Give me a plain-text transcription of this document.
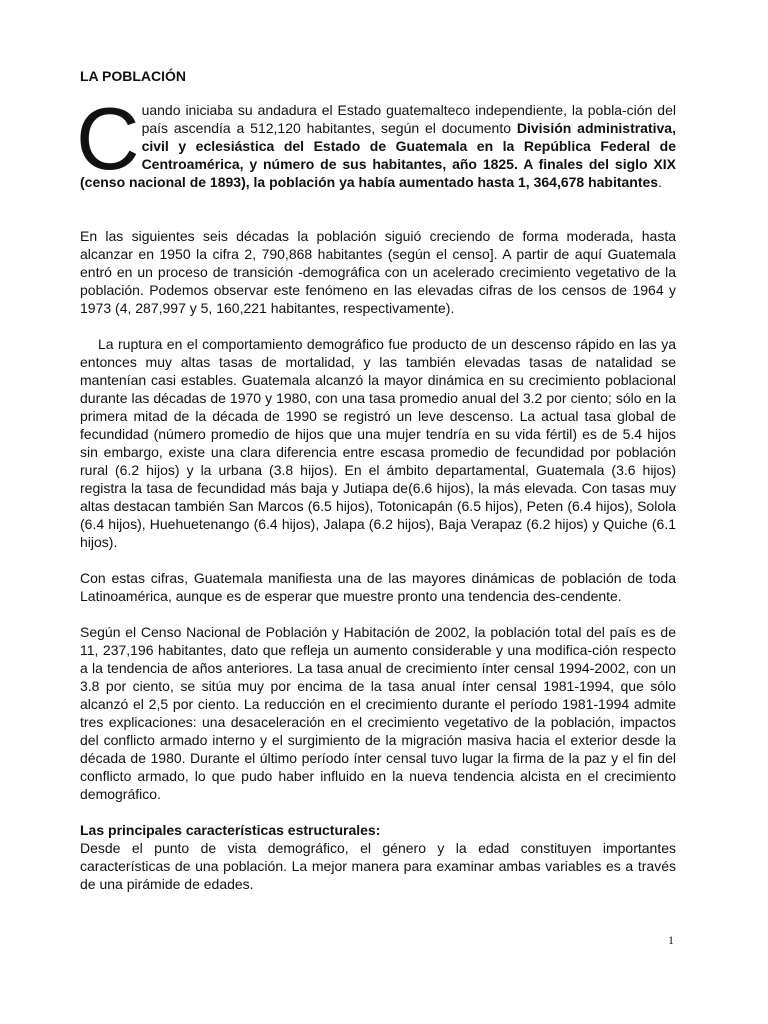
LA POBLACIÓN

Cuando iniciaba su andadura el Estado guatemalteco independiente, la pobla-ción del país ascendía a 512,120 habitantes, según el documento División administrativa, civil y eclesiástica del Estado de Guatemala en la República Federal de Centroamérica, y número de sus habitantes, año 1825. A finales del siglo XIX (censo nacional de 1893), la población ya había aumentado hasta 1, 364,678 habitantes.

En las siguientes seis décadas la población siguió creciendo de forma moderada, hasta alcanzar en 1950 la cifra 2, 790,868 habitantes (según el censo]. A partir de aquí Guatemala entró en un proceso de transición -demográfica con un acelerado crecimiento vegetativo de la población. Podemos observar este fenómeno en las elevadas cifras de los censos de 1964 y 1973 (4, 287,997 y 5, 160,221 habitantes, respectivamente).

La ruptura en el comportamiento demográfico fue producto de un descenso rápido en las ya entonces muy altas tasas de mortalidad, y las también elevadas tasas de natalidad se mantenían casi estables. Guatemala alcanzó la mayor dinámica en su crecimiento poblacional durante las décadas de 1970 y 1980, con una tasa promedio anual del 3.2 por ciento; sólo en la primera mitad de la década de 1990 se registró un leve descenso. La actual tasa global de fecundidad (número promedio de hijos que una mujer tendría en su vida fértil) es de 5.4 hijos sin embargo, existe una clara diferencia entre escasa promedio de fecundidad por población rural (6.2 hijos) y la urbana (3.8 hijos). En el ámbito departamental, Guatemala (3.6 hijos) registra la tasa de fecundidad más baja y Jutiapa de(6.6 hijos), la más elevada. Con tasas muy altas destacan también San Marcos (6.5 hijos), Totonicapán (6.5 hijos), Peten (6.4 hijos), Solola (6.4 hijos), Huehuetenango (6.4 hijos), Jalapa (6.2 hijos), Baja Verapaz (6.2 hijos) y Quiche (6.1 hijos).

Con estas cifras, Guatemala manifiesta una de las mayores dinámicas de población de toda Latinoamérica, aunque es de esperar que muestre pronto una tendencia des-cendente.

Según el Censo Nacional de Población y Habitación de 2002, la población total del país es de 11, 237,196 habitantes, dato que refleja un aumento considerable y una modifica-ción respecto a la tendencia de años anteriores. La tasa anual de crecimiento ínter censal 1994-2002, con un 3.8 por ciento, se sitúa muy por encima de la tasa anual ínter censal 1981-1994, que sólo alcanzó el 2,5 por ciento. La reducción en el crecimiento durante el período 1981-1994 admite tres explicaciones: una desaceleración en el crecimiento vegetativo de la población, impactos del conflicto armado interno y el surgimiento de la migración masiva hacia el exterior desde la década de 1980. Durante el último período ínter censal tuvo lugar la firma de la paz y el fin del conflicto armado, lo que pudo haber influido en la nueva tendencia alcista en el crecimiento demográfico.

Las principales características estructurales:

Desde el punto de vista demográfico, el género y la edad constituyen importantes características de una población. La mejor manera para examinar ambas variables es a través de una pirámide de edades.

1
